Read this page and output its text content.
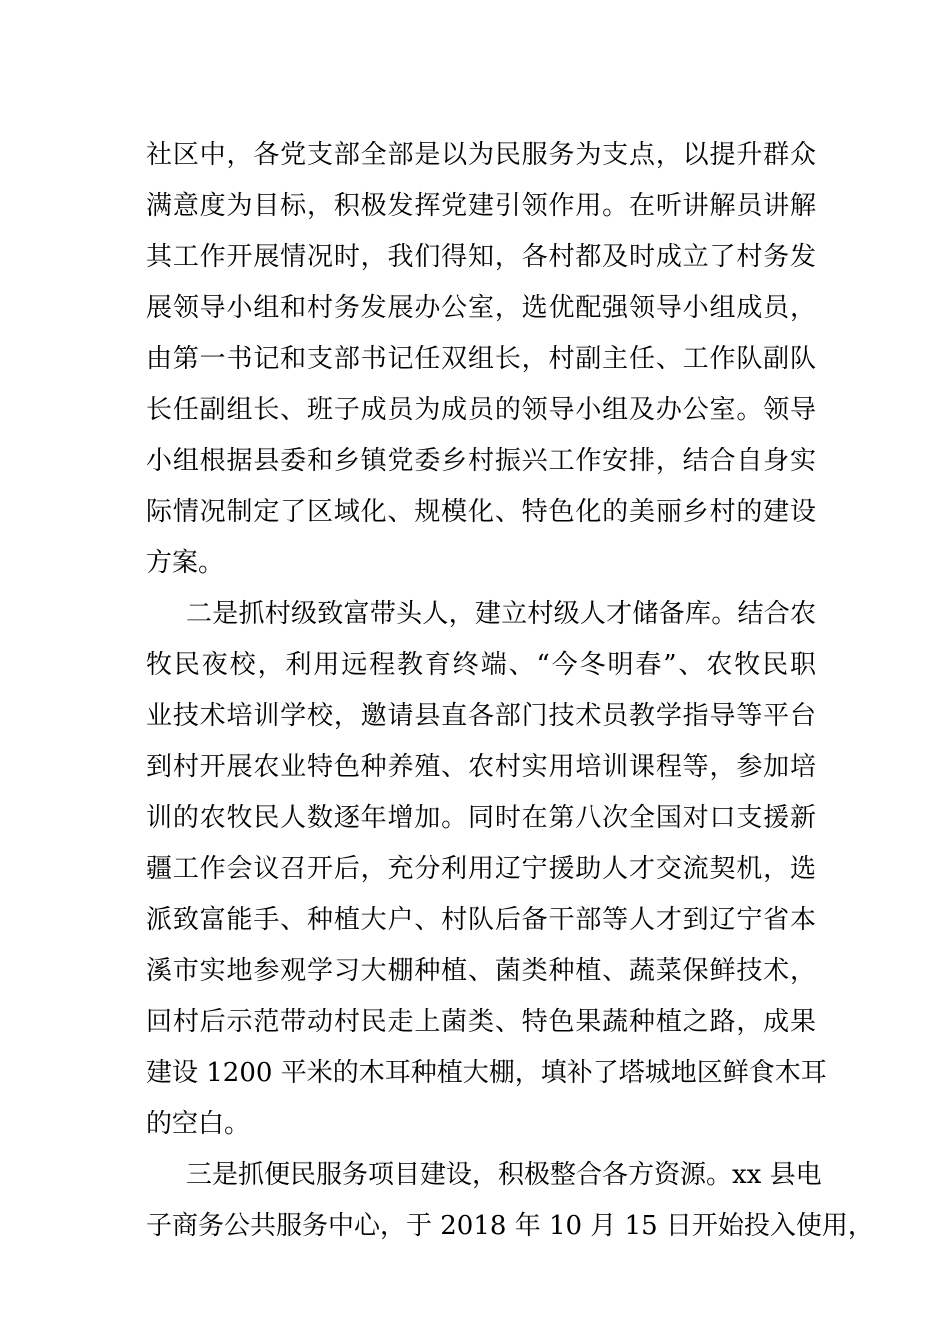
社区中，各党支部全部是以为民服务为支点，以提升群众
满意度为目标，积极发挥党建引领作用。在听讲解员讲解
其工作开展情况时，我们得知，各村都及时成立了村务发
展领导小组和村务发展办公室，选优配强领导小组成员，
由第一书记和支部书记任双组长，村副主任、工作队副队
长任副组长、班子成员为成员的领导小组及办公室。领导
小组根据县委和乡镇党委乡村振兴工作安排，结合自身实
际情况制定了区域化、规模化、特色化的美丽乡村的建设
方案。
二是抓村级致富带头人，建立村级人才储备库。结合农
牧民夜校，利用远程教育终端、“今冬明春”、农牧民职
业技术培训学校，邀请县直各部门技术员教学指导等平台
到村开展农业特色种养殖、农村实用培训课程等，参加培
训的农牧民人数逐年增加。同时在第八次全国对口支援新
疆工作会议召开后，充分利用辽宁援助人才交流契机，选
派致富能手、种植大户、村队后备干部等人才到辽宁省本
溪市实地参观学习大棚种植、菌类种植、蔬菜保鲜技术，
回村后示范带动村民走上菌类、特色果蔬种植之路，成果
建设 1200 平米的木耳种植大棚，填补了塔城地区鲜食木耳
的空白。
三是抓便民服务项目建设，积极整合各方资源。xx 县电
子商务公共服务中心，于 2018 年 10 月 15 日开始投入使用，
